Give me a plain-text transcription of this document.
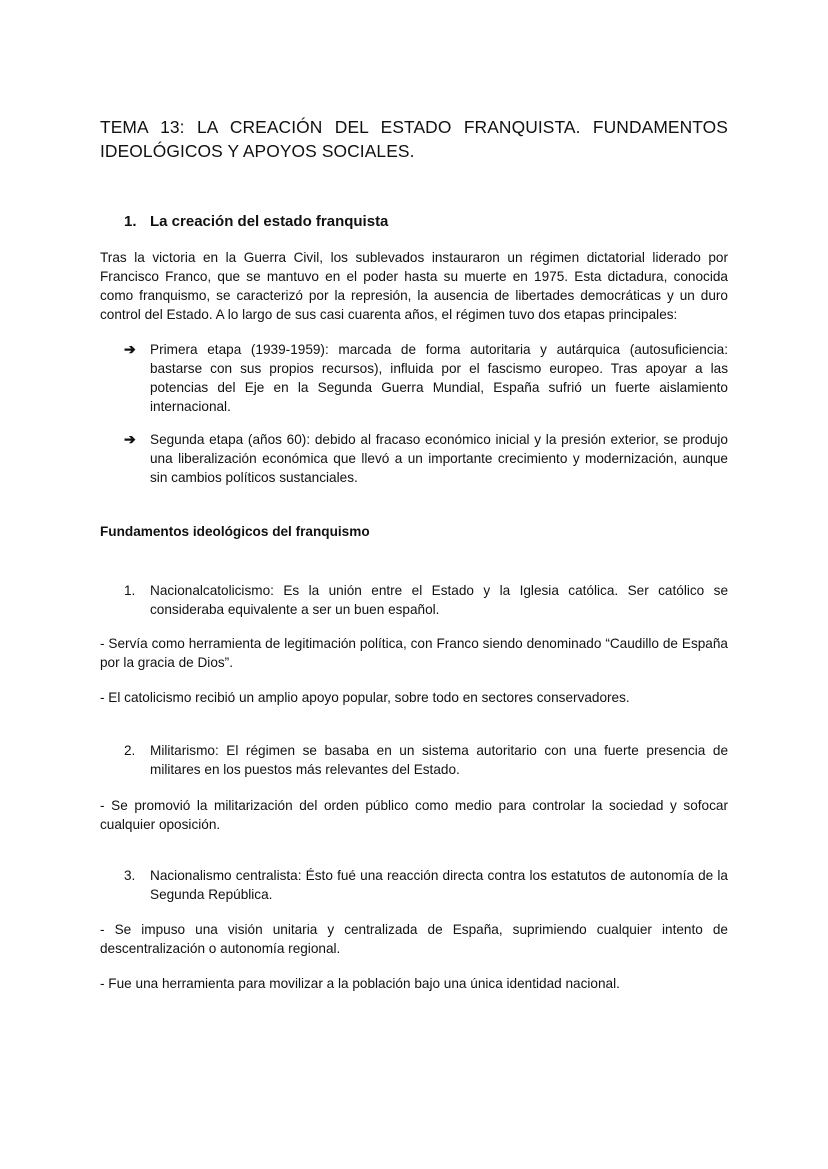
TEMA 13: LA CREACIÓN DEL ESTADO FRANQUISTA. FUNDAMENTOS IDEOLÓGICOS Y APOYOS SOCIALES.
1. La creación del estado franquista

Tras la victoria en la Guerra Civil, los sublevados instauraron un régimen dictatorial liderado por Francisco Franco, que se mantuvo en el poder hasta su muerte en 1975. Esta dictadura, conocida como franquismo, se caracterizó por la represión, la ausencia de libertades democráticas y un duro control del Estado. A lo largo de sus casi cuarenta años, el régimen tuvo dos etapas principales:

➔ Primera etapa (1939-1959): marcada de forma autoritaria y autárquica (autosuficiencia: bastarse con sus propios recursos), influida por el fascismo europeo. Tras apoyar a las potencias del Eje en la Segunda Guerra Mundial, España sufrió un fuerte aislamiento internacional.

➔ Segunda etapa (años 60): debido al fracaso económico inicial y la presión exterior, se produjo una liberalización económica que llevó a un importante crecimiento y modernización, aunque sin cambios políticos sustanciales.

Fundamentos ideológicos del franquismo
1. Nacionalcatolicismo: Es la unión entre el Estado y la Iglesia católica. Ser católico se consideraba equivalente a ser un buen español.

- Servía como herramienta de legitimación política, con Franco siendo denominado “Caudillo de España por la gracia de Dios”.

- El catolicismo recibió un amplio apoyo popular, sobre todo en sectores conservadores.

2. Militarismo: El régimen se basaba en un sistema autoritario con una fuerte presencia de militares en los puestos más relevantes del Estado.

- Se promovió la militarización del orden público como medio para controlar la sociedad y sofocar cualquier oposición.

3. Nacionalismo centralista: Ésto fué una reacción directa contra los estatutos de autonomía de la Segunda República.

- Se impuso una visión unitaria y centralizada de España, suprimiendo cualquier intento de descentralización o autonomía regional.

- Fue una herramienta para movilizar a la población bajo una única identidad nacional.
